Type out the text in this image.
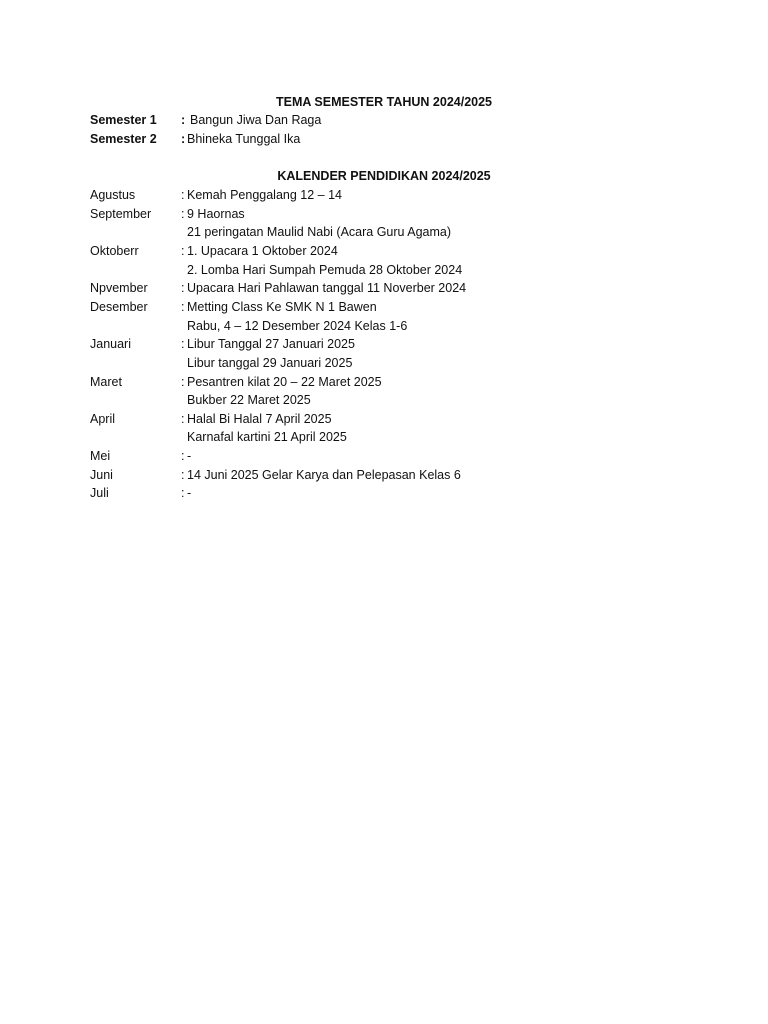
TEMA SEMESTER TAHUN 2024/2025
Semester 1	: Bangun Jiwa Dan Raga
Semester 2	: Bhineka Tunggal Ika
KALENDER PENDIDIKAN 2024/2025
Agustus	: Kemah Penggalang 12 – 14
September	: 9 Haornas
21 peringatan Maulid Nabi (Acara Guru Agama)
Oktoberr	: 1. Upacara 1 Oktober 2024
2. Lomba Hari Sumpah Pemuda 28 Oktober 2024
Npvember	: Upacara Hari Pahlawan tanggal 11 Noverber 2024
Desember	: Metting Class Ke SMK N 1 Bawen
Rabu, 4 – 12 Desember 2024 Kelas 1-6
Januari	: Libur Tanggal 27 Januari 2025
Libur tanggal 29 Januari 2025
Maret	: Pesantren kilat 20 – 22 Maret 2025
Bukber 22 Maret 2025
April	: Halal Bi Halal 7 April 2025
Karnafal kartini 21 April 2025
Mei	: -
Juni	: 14 Juni 2025 Gelar Karya dan Pelepasan Kelas 6
Juli	: -
